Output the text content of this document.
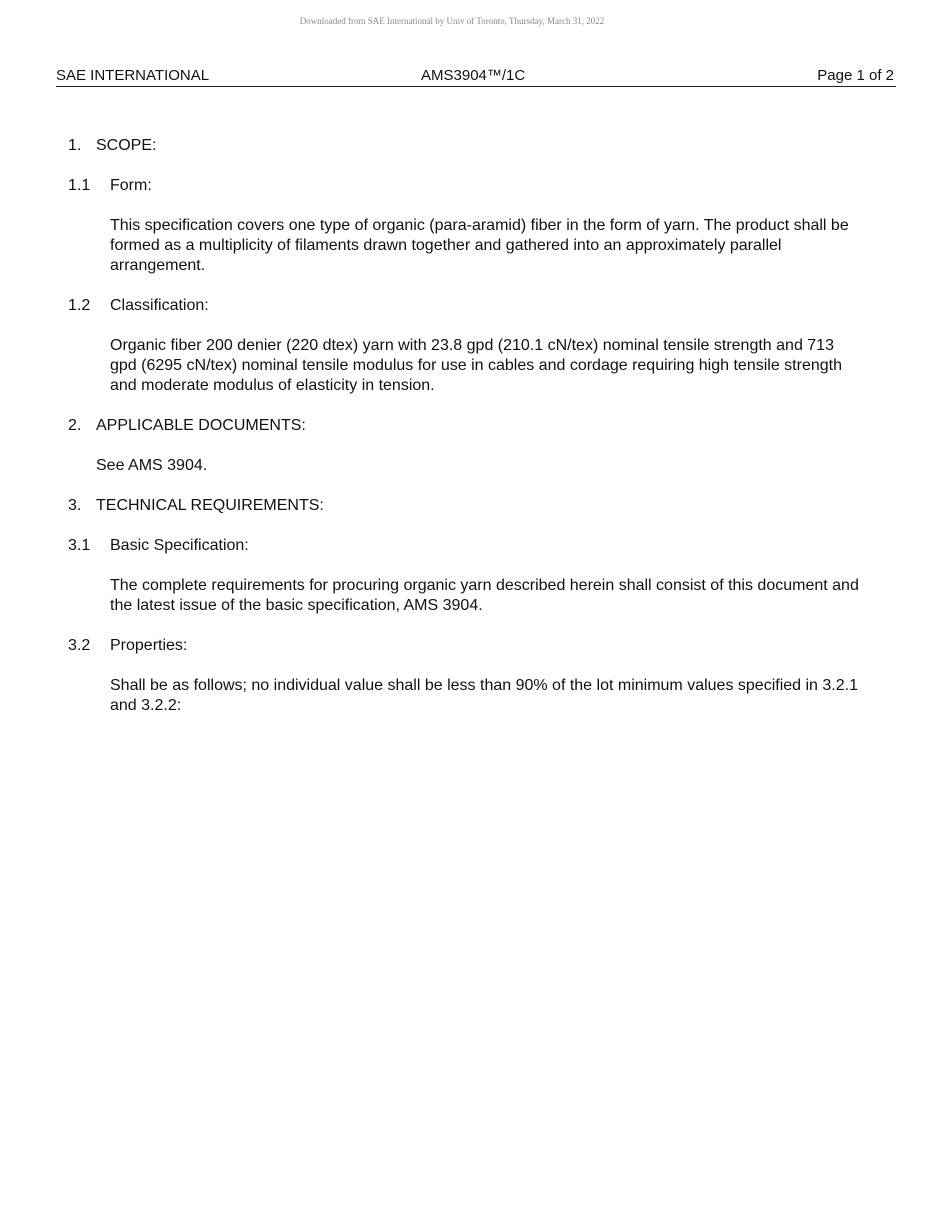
Downloaded from SAE International by Univ of Toronto, Thursday, March 31, 2022
SAE INTERNATIONAL	AMS3904™/1C	Page 1 of 2
1. SCOPE:
1.1	Form:
This specification covers one type of organic (para-aramid) fiber in the form of yarn. The product shall be formed as a multiplicity of filaments drawn together and gathered into an approximately parallel arrangement.
1.2	Classification:
Organic fiber 200 denier (220 dtex) yarn with 23.8 gpd (210.1 cN/tex) nominal tensile strength and 713 gpd (6295 cN/tex) nominal tensile modulus for use in cables and cordage requiring high tensile strength and moderate modulus of elasticity in tension.
2. APPLICABLE DOCUMENTS:
See AMS 3904.
3. TECHNICAL REQUIREMENTS:
3.1	Basic Specification:
The complete requirements for procuring organic yarn described herein shall consist of this document and the latest issue of the basic specification, AMS 3904.
3.2	Properties:
Shall be as follows; no individual value shall be less than 90% of the lot minimum values specified in 3.2.1 and 3.2.2:
